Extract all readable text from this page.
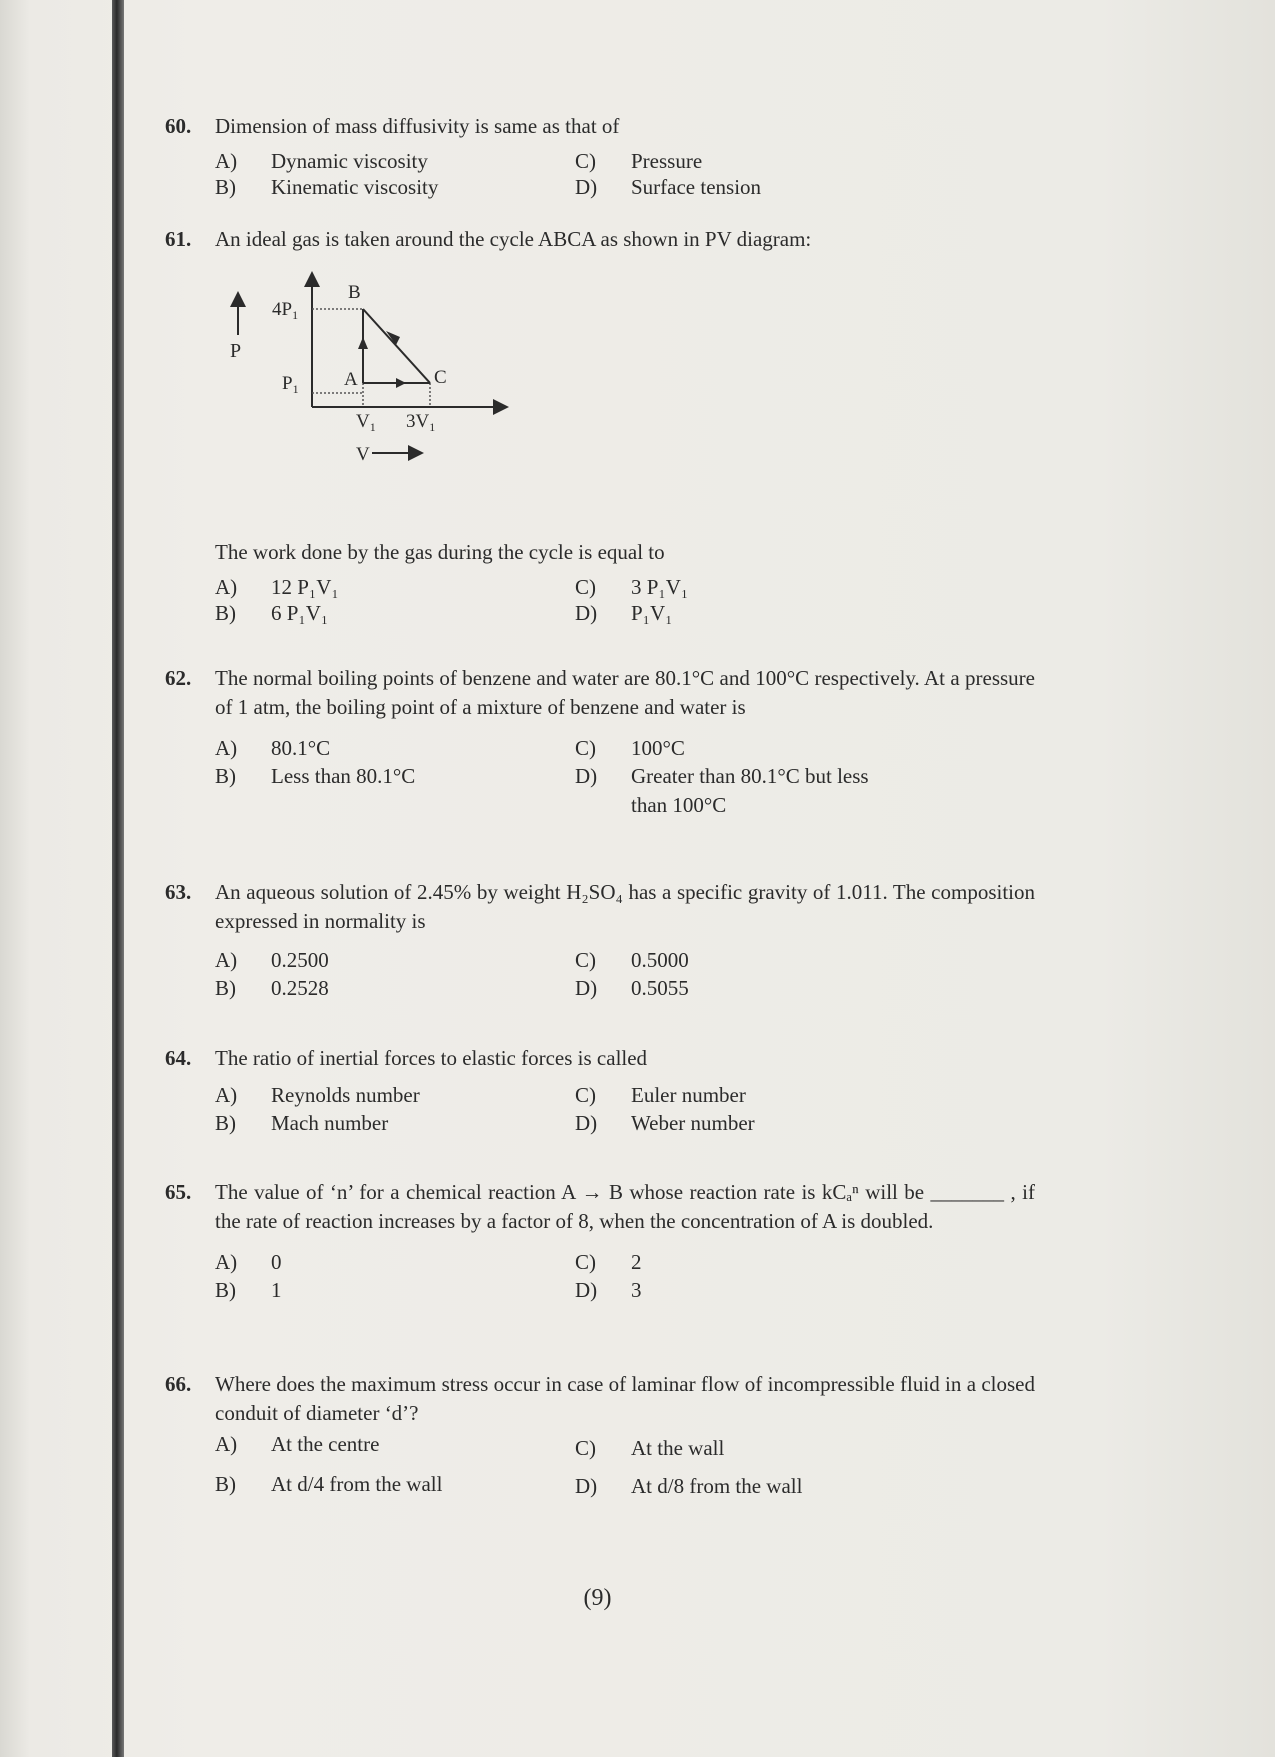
60.	Dimension of mass diffusivity is same as that of
A) Dynamic viscosity
B) Kinematic viscosity
C) Pressure
D) Surface tension
61.	An ideal gas is taken around the cycle ABCA as shown in PV diagram:
P
$4P_1$
$P_1$
B
A	C
$V_1$ $3V_1$
V
The work done by the gas during the cycle is equal to
A) 12 P₁V₁
B) 6 P₁V₁
C) 3 P₁V₁
D) P₁V₁
62.	The normal boiling points of benzene and water are 80.1°C and 100°C respectively. At a pressure of 1 atm, the boiling point of a mixture of benzene and water is
A) 80.1°C
B) Less than 80.1°C
C) 100°C
D)	Greater than 80.1°C but less than 100°C
63.	An aqueous solution of 2.45% by weight H₂SO₄ has a specific gravity of 1.011. The composition expressed in normality is
A) 0.2500
B) 0.2528
C) 0.5000
D) 0.5055
64.	The ratio of inertial forces to elastic forces is called
A) Reynolds number
B) Mach number
C) Euler number
D) Weber number
65.	The value of ‘n’ for a chemical reaction A → B whose reaction rate is kCₐⁿ will be _______ , if the rate of reaction increases by a factor of 8, when the concentration of A is doubled.
A) 0
B) 1
C) 2
D) 3
66.	Where does the maximum stress occur in case of laminar flow of incompressible fluid in a closed conduit of diameter ‘d’?
A) At the centre
B) At d/4 from the wall
C) At the wall
D) At d/8 from the wall
(9)
